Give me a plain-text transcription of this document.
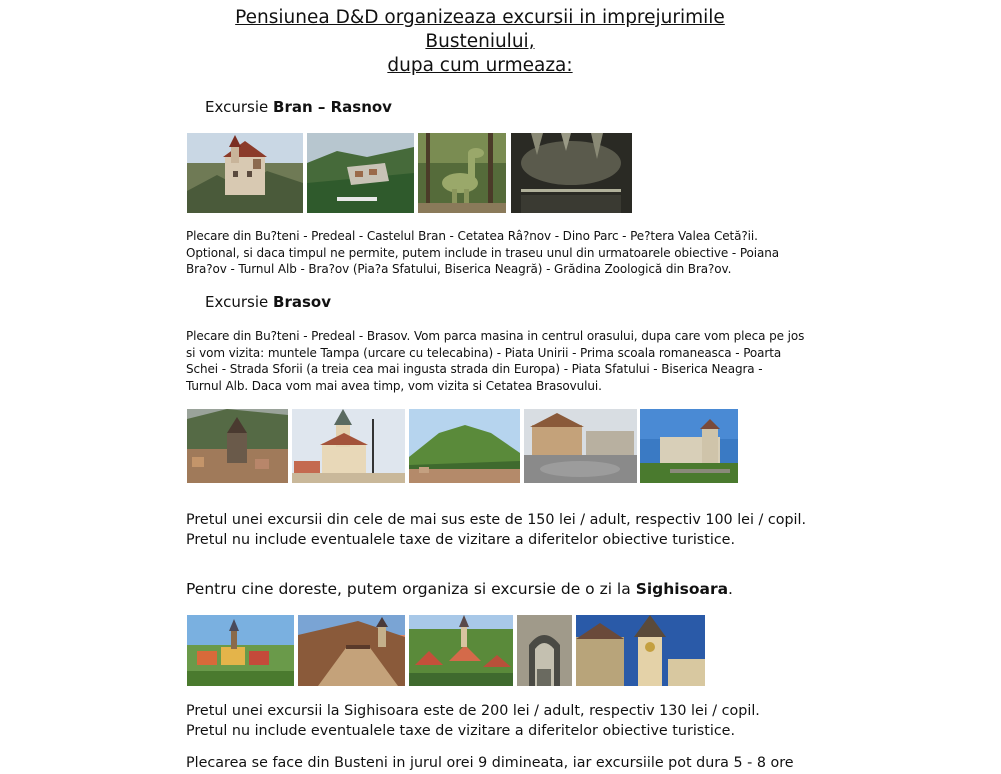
Pensiunea D&D organizeaza excursii in imprejurimile Busteniului,
dupa cum urmeaza:
Excursie Bran – Rasnov
Plecare din Bu?teni - Predeal - Castelul Bran - Cetatea Râ?nov - Dino Parc - Pe?tera Valea Cetă?ii.
Optional, si daca timpul ne permite, putem include in traseu unul din urmatoarele obiective - Poiana
Bra?ov - Turnul Alb - Bra?ov (Pia?a Sfatului, Biserica Neagră) - Grădina Zoologică din Bra?ov.
Excursie Brasov
Plecare din Bu?teni - Predeal - Brasov. Vom parca masina in centrul orasului, dupa care vom pleca pe jos
si vom vizita: muntele Tampa (urcare cu telecabina) - Piata Unirii - Prima scoala romaneasca - Poarta
Schei - Strada Sforii (a treia cea mai ingusta strada din Europa) - Piata Sfatului - Biserica Neagra -
Turnul Alb. Daca vom mai avea timp, vom vizita si Cetatea Brasovului.
Pretul unei excursii din cele de mai sus este de 150 lei / adult, respectiv 100 lei / copil.
Pretul nu include eventualele taxe de vizitare a diferitelor obiective turistice.
Pentru cine doreste, putem organiza si excursie de o zi la Sighisoara.
Pretul unei excursii la Sighisoara este de 200 lei / adult, respectiv 130 lei / copil.
Pretul nu include eventualele taxe de vizitare a diferitelor obiective turistice.
Plecarea se face din Busteni in jurul orei 9 dimineata, iar excursiile pot dura 5 - 8 ore
